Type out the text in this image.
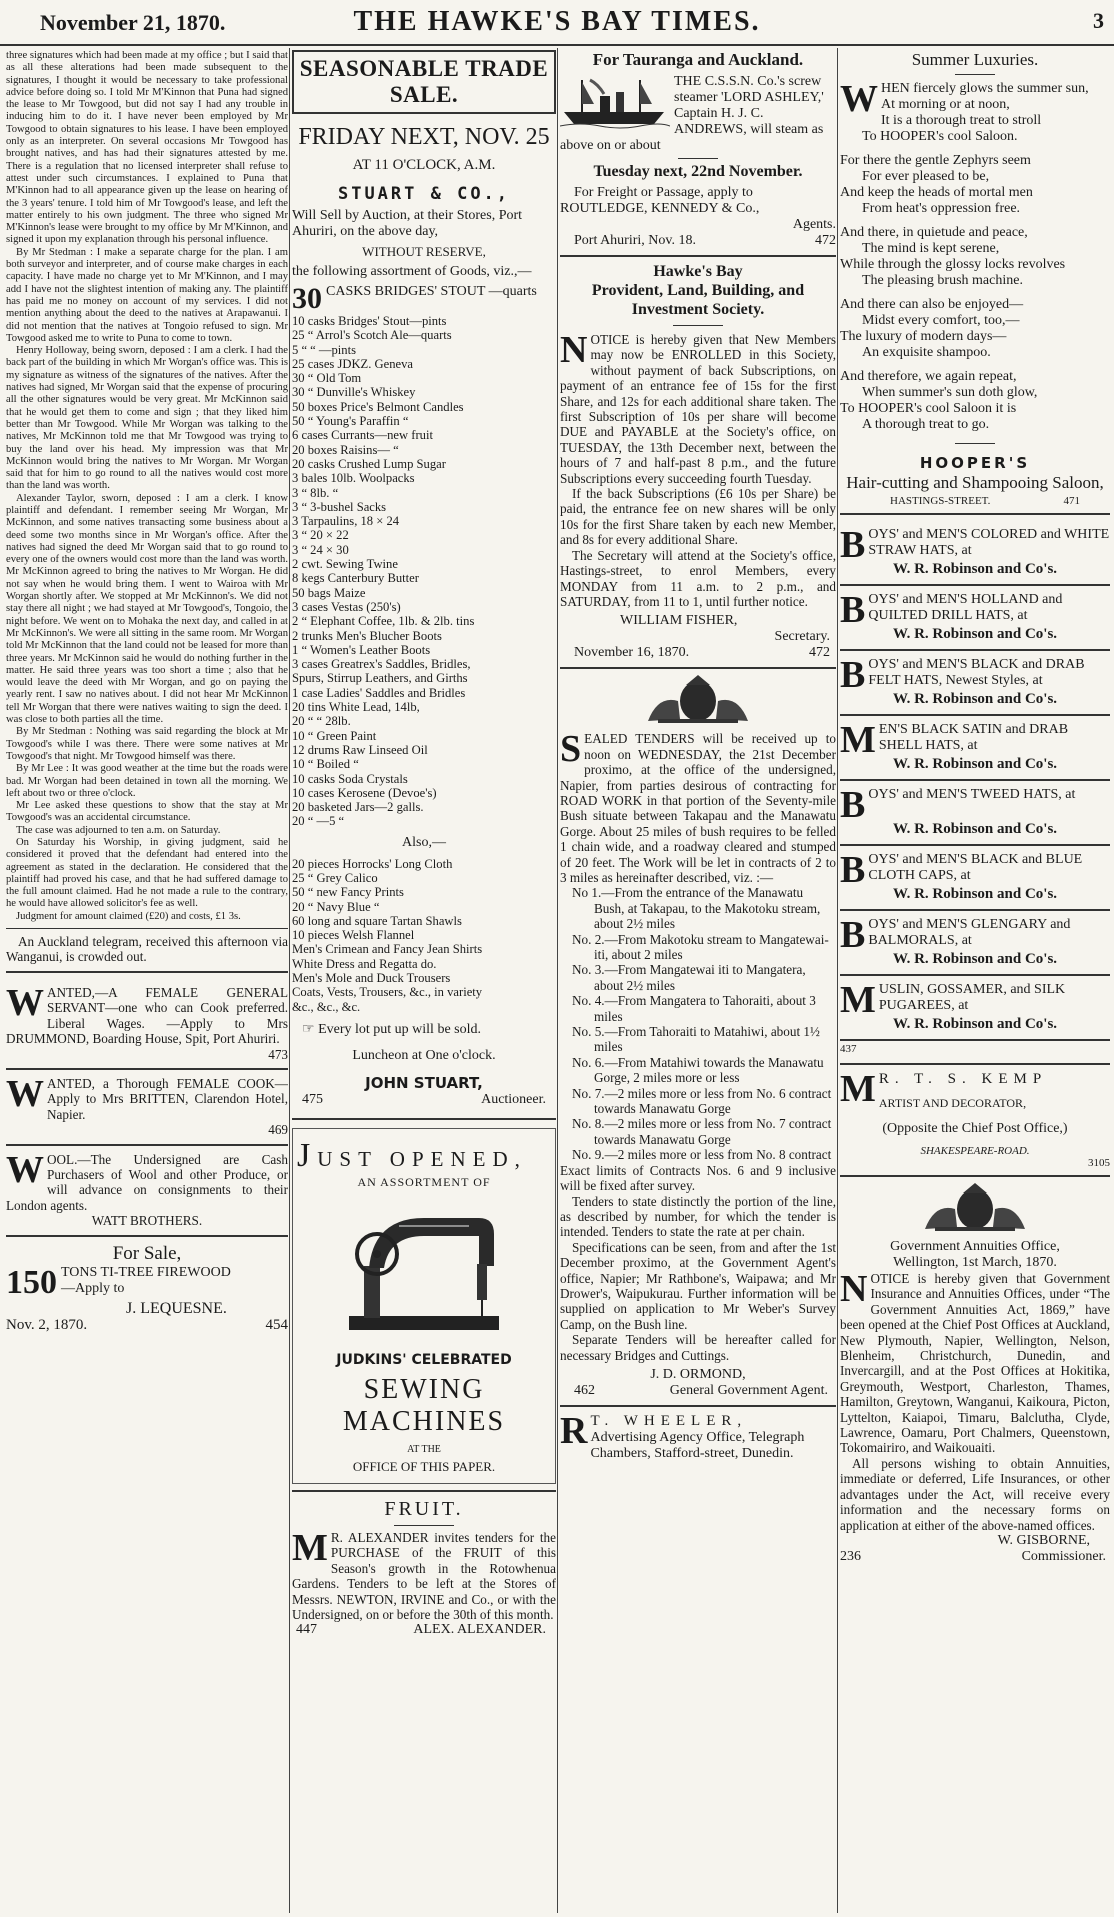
November 21, 1870.	THE HAWKE'S BAY TIMES.	3

three signatures which had been made at my office ; but I said that as all these alterations had been made subsequent to the signatures, I thought it would be necessary to take professional advice before doing so. I told Mr M'Kinnon that Puna had signed the lease to Mr Towgood, but did not say I had any trouble in inducing him to do it. I have never been employed by Mr Towgood to obtain signatures to his lease. I have been employed only as an interpreter. On several occasions Mr Towgood has brought natives, and has had their signatures attested by me. There is a regulation that no licensed interpreter shall refuse to attest under such circumstances. I explained to Puna that M'Kinnon had to all appearance given up the lease on hearing of the 3 years' tenure. I told him of Mr Towgood's lease, and left the matter entirely to his own judgment. The three who signed Mr M'Kinnon's lease were brought to my office by Mr M'Kinnon, and signed it upon my explanation through his personal influence.

By Mr Stedman : I make a separate charge for the plan. I am both surveyor and interpreter, and of course make charges in each capacity. I have made no charge yet to Mr M'Kinnon, and I may add I have not the slightest intention of making any. The plaintiff has paid me no money on account of my services. I did not mention anything about the deed to the natives at Arapawanui. I did not mention that the natives at Tongoio refused to sign. Mr Towgood asked me to write to Puna to come to town.

Henry Holloway, being sworn, deposed : I am a clerk. I had the back part of the building in which Mr Worgan's office was. This is my signature as witness of the signatures of the natives. After the natives had signed, Mr Worgan said that the expense of procuring all the other signatures would be very great. Mr McKinnon said that he would get them to come and sign ; that they liked him better than Mr Towgood. While Mr Worgan was talking to the natives, Mr McKinnon told me that Mr Towgood was trying to buy the land over his head. My impression was that Mr McKinnon would bring the natives to Mr Worgan. Mr Worgan said that for him to go round to all the natives would cost more than the land was worth.

Alexander Taylor, sworn, deposed : I am a clerk. I know plaintiff and defendant. I remember seeing Mr Worgan, Mr McKinnon, and some natives transacting some business about a deed some two months since in Mr Worgan's office. After the natives had signed the deed Mr Worgan said that to go round to every one of the owners would cost more than the land was worth. Mr McKinnon agreed to bring the natives to Mr Worgan. He did not say when he would bring them. I went to Wairoa with Mr Worgan shortly after. We stopped at Mr McKinnon's. We did not stay there all night ; we had stayed at Mr Towgood's, Tongoio, the night before. We went on to Mohaka the next day, and called in at Mr McKinnon's. We were all sitting in the same room. Mr Worgan told Mr McKinnon that the land could not be leased for more than three years. Mr McKinnon said he would do nothing further in the matter. He said three years was too short a time ; also that he would leave the deed with Mr Worgan, and go on paying the yearly rent. I saw no natives about. I did not hear Mr McKinnon tell Mr Worgan that there were natives waiting to sign the deed. I was close to both parties all the time.

By Mr Stedman : Nothing was said regarding the block at Mr Towgood's while I was there. There were some natives at Mr Towgood's that night. Mr Towgood himself was there.

By Mr Lee : It was good weather at the time but the roads were bad. Mr Worgan had been detained in town all the morning. We left about two or three o'clock.

Mr Lee asked these questions to show that the stay at Mr Towgood's was an accidental circumstance.

The case was adjourned to ten a.m. on Saturday.

On Saturday his Worship, in giving judgment, said he considered it proved that the defendant had entered into the agreement as stated in the declaration. He considered that the plaintiff had proved his case, and that he had suffered damage to the full amount claimed. Had he not made a rule to the contrary, he would have allowed solicitor's fee as well.

Judgment for amount claimed (£20) and costs, £1 3s.

An Auckland telegram, received this afternoon via Wanganui, is crowded out.

W ANTED,—A FEMALE GENERAL SERVANT—one who can Cook preferred. Liberal Wages. —Apply to Mrs DRUMMOND, Boarding House, Spit, Port Ahuriri.

473

W ANTED, a Thorough FEMALE COOK—Apply to Mrs BRITTEN, Clarendon Hotel, Napier.

469

W OOL.—The Undersigned are Cash Purchasers of Wool and other Produce, or will advance on consignments to their London agents.

WATT BROTHERS.

For Sale,
150 TONS TI-TREE FIREWOOD
—Apply to
J. LEQUESNE.
Nov. 2, 1870.	454
SEASONABLE TRADE SALE.
FRIDAY NEXT, NOV. 25
AT 11 O'CLOCK, A.M.
STUART & CO.,

Will Sell by Auction, at their Stores, Port Ahuriri, on the above day,

WITHOUT RESERVE,

the following assortment of Goods, viz.,—

30 CASKS BRIDGES' STOUT —quarts
10 casks Bridges' Stout—pints
25 “ Arrol's Scotch Ale—quarts
5 “ “ —pints
25 cases JDKZ. Geneva
30 “ Old Tom
30 “ Dunville's Whiskey
50 boxes Price's Belmont Candles
50 “ Young's Paraffin “
6 cases Currants—new fruit
20 boxes Raisins— “
20 casks Crushed Lump Sugar
3 bales 10lb. Woolpacks
3 “ 8lb. “
3 “ 3-bushel Sacks
3 Tarpaulins, 18 × 24
3 “ 20 × 22
3 “ 24 × 30
2 cwt. Sewing Twine
8 kegs Canterbury Butter
50 bags Maize
3 cases Vestas (250's)
2 “ Elephant Coffee, 1lb. & 2lb. tins
2 trunks Men's Blucher Boots
1 “ Women's Leather Boots
3 cases Greatrex's Saddles, Bridles,
Spurs, Stirrup Leathers, and Girths
1 case Ladies' Saddles and Bridles
20 tins White Lead, 14lb,
20 “ “ 28lb.
10 “ Green Paint
12 drums Raw Linseed Oil
10 “ Boiled “
10 casks Soda Crystals
10 cases Kerosene (Devoe's)
20 basketed Jars—2 galls.
20 “ —5 “
Also,—
20 pieces Horrocks' Long Cloth
25 “ Grey Calico
50 “ new Fancy Prints
20 “ Navy Blue “
60 long and square Tartan Shawls
10 pieces Welsh Flannel
Men's Crimean and Fancy Jean Shirts
White Dress and Regatta do.
Men's Mole and Duck Trousers
Coats, Vests, Trousers, &c., in variety
&c., &c., &c.
☞ Every lot put up will be sold.
Luncheon at One o'clock.
JOHN STUART,
475	Auctioneer.
JUST OPENED,
AN ASSORTMENT OF
JUDKINS' CELEBRATED
SEWING MACHINES
AT THE
OFFICE OF THIS PAPER.
FRUIT.
M R. ALEXANDER invites tenders for the PURCHASE of the FRUIT of this Season's growth in the Rotowhenua Gardens. Tenders to be left at the Stores of Messrs. NEWTON, IRVINE and Co., or with the Undersigned, on or before the 30th of this month.

447	ALEX. ALEXANDER.
For Tauranga and Auckland.

THE C.S.S.N. Co.'s screw steamer 'LORD ASHLEY,' Captain H. J. C. ANDREWS, will steam as above on or about

Tuesday next, 22nd November.

For Freight or Passage, apply to

ROUTLEDGE, KENNEDY & Co.,

Agents.

Port Ahuriri, Nov. 18.	472
Hawke's Bay
Provident, Land, Building, and Investment Society.
N OTICE is hereby given that New Members may now be ENROLLED in this Society, without payment of back Subscriptions, on payment of an entrance fee of 15s for the first Share, and 12s for each additional share taken. The first Subscription of 10s per share will become DUE and PAYABLE at the Society's office, on TUESDAY, the 13th December next, between the hours of 7 and half-past 8 p.m., and the future Subscriptions every succeeding fourth Tuesday.

If the back Subscriptions (£6 10s per Share) be paid, the entrance fee on new shares will be only 10s for the first Share taken by each new Member, and 8s for every additional Share.

The Secretary will attend at the Society's office, Hastings-street, to enrol Members, every MONDAY from 11 a.m. to 2 p.m., and SATURDAY, from 11 to 1, until further notice.

WILLIAM FISHER,

Secretary.

November 16, 1870.	472
S EALED TENDERS will be received up to noon on WEDNESDAY, the 21st December proximo, at the office of the undersigned, Napier, from parties desirous of contracting for ROAD WORK in that portion of the Seventy-mile Bush situate between Takapau and the Manawatu Gorge. About 25 miles of bush requires to be felled 1 chain wide, and a roadway cleared and stumped of 20 feet. The Work will be let in contracts of 2 to 3 miles as hereinafter described, viz. :—

No 1.—From the entrance of the Manawatu Bush, at Takapau, to the Makotoku stream, about 2½ miles

No. 2.—From Makotoku stream to Mangatewai-iti, about 2 miles

No. 3.—From Mangatewai iti to Mangatera, about 2½ miles

No. 4.—From Mangatera to Tahoraiti, about 3 miles

No. 5.—From Tahoraiti to Matahiwi, about 1½ miles

No. 6.—From Matahiwi towards the Manawatu Gorge, 2 miles more or less

No. 7.—2 miles more or less from No. 6 contract towards Manawatu Gorge

No. 8.—2 miles more or less from No. 7 contract towards Manawatu Gorge

No. 9.—2 miles more or less from No. 8 contract

Exact limits of Contracts Nos. 6 and 9 inclusive will be fixed after survey.

Tenders to state distinctly the portion of the line, as described by number, for which the tender is intended. Tenders to state the rate at per chain.

Specifications can be seen, from and after the 1st December proximo, at the Government Agent's office, Napier; Mr Rathbone's, Waipawa; and Mr Drower's, Waipukurau. Further information will be supplied on application to Mr Weber's Survey Camp, on the Bush line.

Separate Tenders will be hereafter called for necessary Bridges and Cuttings.

J. D. ORMOND,

462	General Government Agent.
R T. WHEELER,

Advertising Agency Office, Telegraph Chambers, Stafford-street, Dunedin.

Summer Luxuries.
W HEN fiercely glows the summer sun,
At morning or at noon,
It is a thorough treat to stroll
To HOOPER's cool Saloon.
For there the gentle Zephyrs seem
For ever pleased to be,
And keep the heads of mortal men
From heat's oppression free.
And there, in quietude and peace,
The mind is kept serene,
While through the glossy locks revolves
The pleasing brush machine.
And there can also be enjoyed—
Midst every comfort, too,—
The luxury of modern days—
An exquisite shampoo.
And therefore, we again repeat,
When summer's sun doth glow,
To HOOPER's cool Saloon it is
A thorough treat to go.
HOOPER'S
Hair-cutting and Shampooing Saloon,
HASTINGS-STREET.	471
B OYS' and MEN'S COLORED and WHITE STRAW HATS, at

W. R. Robinson and Co's.
B OYS' and MEN'S HOLLAND and QUILTED DRILL HATS, at

W. R. Robinson and Co's.
B OYS' and MEN'S BLACK and DRAB FELT HATS, Newest Styles, at

W. R. Robinson and Co's.
M EN'S BLACK SATIN and DRAB SHELL HATS, at

W. R. Robinson and Co's.
B OYS' and MEN'S TWEED HATS, at

W. R. Robinson and Co's.
B OYS' and MEN'S BLACK and BLUE CLOTH CAPS, at

W. R. Robinson and Co's.
B OYS' and MEN'S GLENGARY and BALMORALS, at

W. R. Robinson and Co's.
M USLIN, GOSSAMER, and SILK PUGAREES, at

W. R. Robinson and Co's.
437
M R. T. S. KEMP
ARTIST AND DECORATOR,
(Opposite the Chief Post Office,)
SHAKESPEARE-ROAD.
3105
Government Annuities Office,
Wellington, 1st March, 1870.
N OTICE is hereby given that Government Insurance and Annuities Offices, under “The Government Annuities Act, 1869,” have been opened at the Chief Post Offices at Auckland, New Plymouth, Napier, Wellington, Nelson, Blenheim, Christchurch, Dunedin, and Invercargill, and at the Post Offices at Hokitika, Greymouth, Westport, Charleston, Thames, Hamilton, Greytown, Wanganui, Kaikoura, Picton, Lyttelton, Kaiapoi, Timaru, Balclutha, Clyde, Lawrence, Oamaru, Port Chalmers, Queenstown, Tokomairiro, and Waikouaiti.

All persons wishing to obtain Annuities, immediate or deferred, Life Insurances, or other advantages under the Act, will receive every information and the necessary forms on application at either of the above-named offices.

W. GISBORNE,

236	Commissioner.
